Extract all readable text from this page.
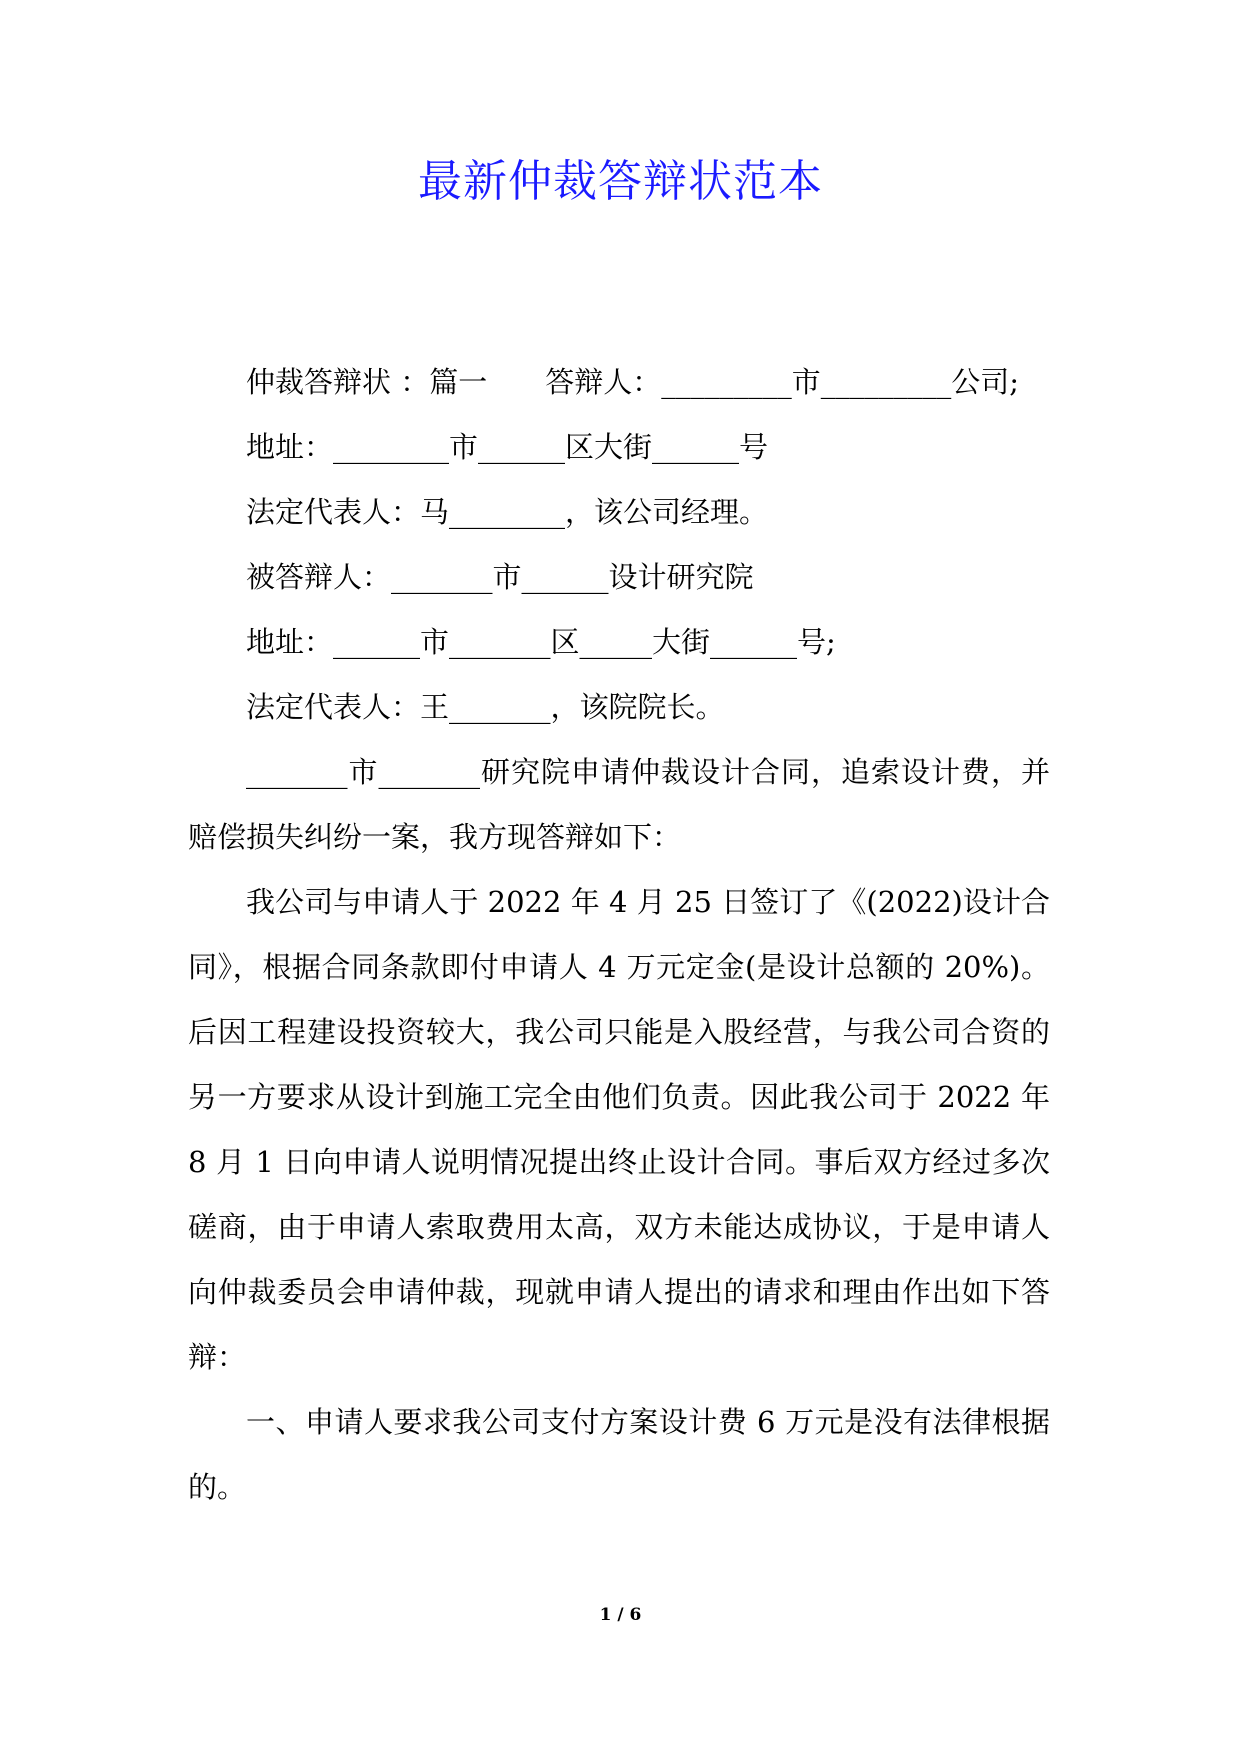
最新仲裁答辩状范本

仲裁答辩状 ：篇一　　答辩人：_________市_________公司;

地址：________市______区大街______号

法定代表人：马________，该公司经理。

被答辩人：_______市______设计研究院

地址：______市_______区_____大街______号;

法定代表人：王_______，该院院长。

_______市_______研究院申请仲裁设计合同，追索设计费，并赔偿损失纠纷一案，我方现答辩如下：

我公司与申请人于 2022 年 4 月 25 日签订了《(2022)设计合同》，根据合同条款即付申请人 4 万元定金(是设计总额的 20%)。后因工程建设投资较大，我公司只能是入股经营，与我公司合资的另一方要求从设计到施工完全由他们负责。因此我公司于 2022 年 8 月 1 日向申请人说明情况提出终止设计合同。事后双方经过多次磋商，由于申请人索取费用太高，双方未能达成协议，于是申请人向仲裁委员会申请仲裁，现就申请人提出的请求和理由作出如下答辩：

一、申请人要求我公司支付方案设计费 6 万元是没有法律根据的。

1 / 6
